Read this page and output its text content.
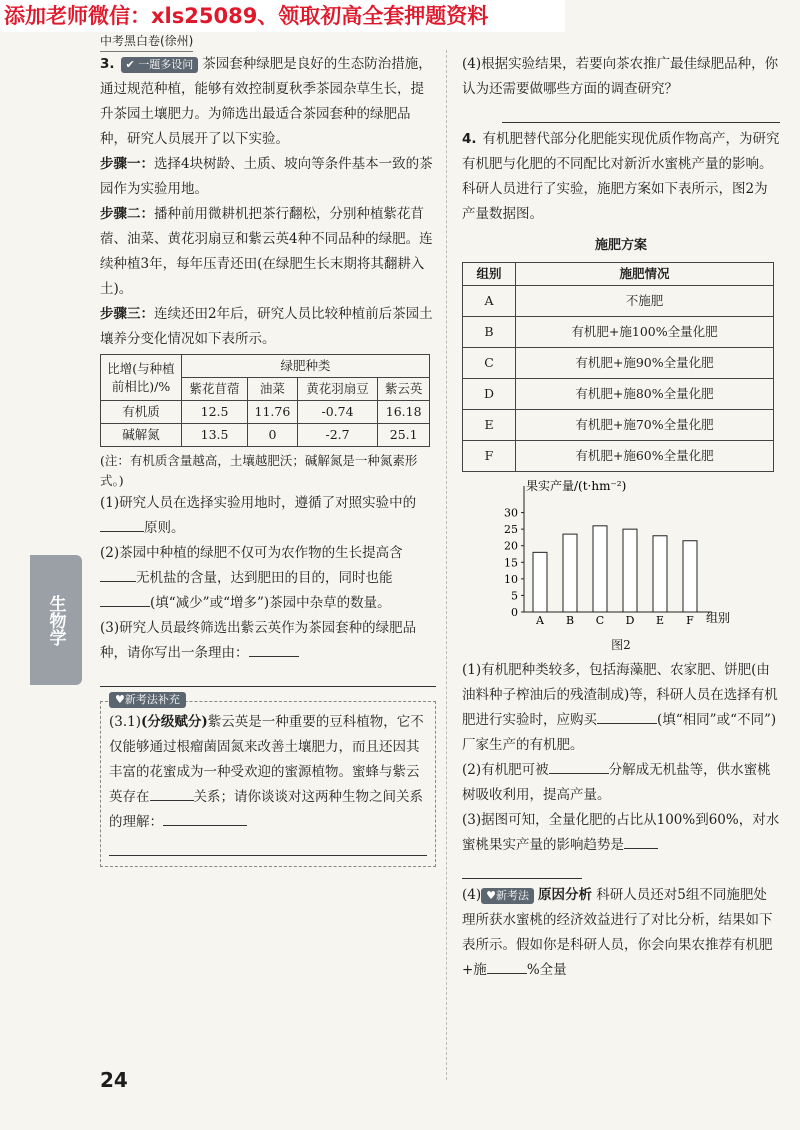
添加老师微信：xls25089、领取初高全套押题资料
中考黑白卷(徐州)
生物学
24

3. ✔ 一题多设问 茶园套种绿肥是良好的生态防治措施，通过规范种植，能够有效控制夏秋季茶园杂草生长，提升茶园土壤肥力。为筛选出最适合茶园套种的绿肥品种，研究人员展开了以下实验。

步骤一：选择4块树龄、土质、坡向等条件基本一致的茶园作为实验用地。

步骤二：播种前用微耕机把茶行翻松，分别种植紫花苜蓿、油菜、黄花羽扇豆和紫云英4种不同品种的绿肥。连续种植3年，每年压青还田(在绿肥生长末期将其翻耕入土)。

步骤三：连续还田2年后，研究人员比较种植前后茶园土壤养分变化情况如下表所示。

比增(与种植前相比)/%	绿肥种类			
	紫花苜蓿	油菜	黄花羽扇豆	紫云英
有机质	12.5	11.76	-0.74	16.18
碱解氮	13.5	0	-2.7	25.1

(注：有机质含量越高，土壤越肥沃；碱解氮是一种氮素形式。)

(1)研究人员在选择实验用地时，遵循了对照实验中的原则。

(2)茶园中种植的绿肥不仅可为农作物的生长提高含无机盐的含量，达到肥田的目的，同时也能(填“减少”或“增多”)茶园中杂草的数量。

(3)研究人员最终筛选出紫云英作为茶园套种的绿肥品种，请你写出一条理由：

♥新考法补充

(3.1)(分级赋分)紫云英是一种重要的豆科植物，它不仅能够通过根瘤菌固氮来改善土壤肥力，而且还因其丰富的花蜜成为一种受欢迎的蜜源植物。蜜蜂与紫云英存在	关系；请你谈谈对这两种生物之间关系的理解：

(4)根据实验结果，若要向茶农推广最佳绿肥品种，你认为还需要做哪些方面的调查研究？

4. 有机肥替代部分化肥能实现优质作物高产，为研究有机肥与化肥的不同配比对新沂水蜜桃产量的影响。科研人员进行了实验，施肥方案如下表所示，图2为产量数据图。

施肥方案
组别	施肥情况
A	不施肥
B	有机肥+施100%全量化肥
C	有机肥+施90%全量化肥
D	有机肥+施80%全量化肥
E	有机肥+施70%全量化肥
F	有机肥+施60%全量化肥
果实产量/(t·hm⁻²)
组别
0
5
10
15
20
25
30
A B C D E F
图2

(1)有机肥种类较多，包括海藻肥、农家肥、饼肥(由油料种子榨油后的残渣制成)等，科研人员在选择有机肥进行实验时，应购买	(填“相同”或“不同”)厂家生产的有机肥。

(2)有机肥可被	分解成无机盐等，供水蜜桃树吸收利用，提高产量。

(3)据图可知，全量化肥的占比从100%到60%，对水蜜桃果实产量的影响趋势是

(4) ♥新考法 原因分析 科研人员还对5组不同施肥处理所获水蜜桃的经济效益进行了对比分析，结果如下表所示。假如你是科研人员，你会向果农推荐有机肥+施	%全量
